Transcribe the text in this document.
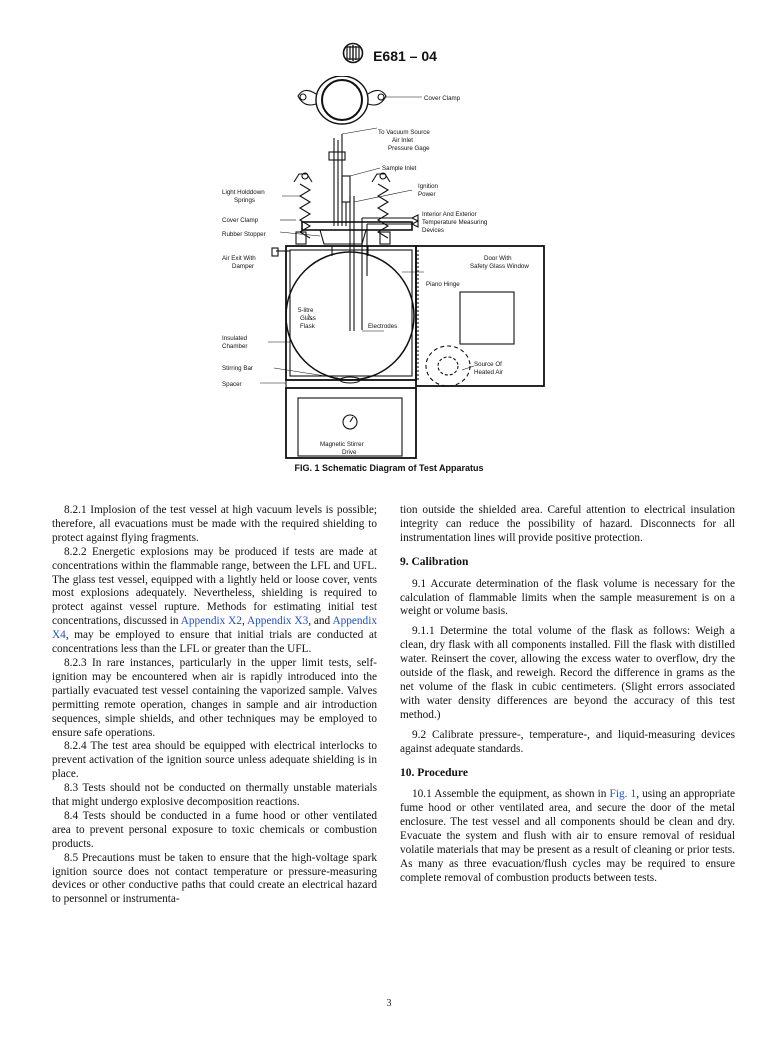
E681 – 04
Cover Clamp
To Vacuum Source
Air Inlet
Pressure Gage
Sample Inlet
Ignition
Power
Interior And Exterior
Temperature Measuring
Devices
Light Holddown
Springs
Cover Clamp
Rubber Stopper
Air Exit With
Damper
Door With
Safety Glass Window
Piano Hinge
5-litre
Glass
Flask	Electrodes
Insulated
Chamber
Source Of
Heated Air
Stirring Bar
Spacer
Magnetic Stirrer
Drive
FIG. 1 Schematic Diagram of Test Apparatus

8.2.1 Implosion of the test vessel at high vacuum levels is possible; therefore, all evacuations must be made with the required shielding to protect against flying fragments.

8.2.2 Energetic explosions may be produced if tests are made at concentrations within the flammable range, between the LFL and UFL. The glass test vessel, equipped with a lightly held or loose cover, vents most explosions adequately. Nevertheless, shielding is required to protect against vessel rupture. Methods for estimating initial test concentrations, discussed in Appendix X2, Appendix X3, and Appendix X4, may be employed to ensure that initial trials are conducted at concentrations less than the LFL or greater than the UFL.

8.2.3 In rare instances, particularly in the upper limit tests, self-ignition may be encountered when air is rapidly introduced into the partially evacuated test vessel containing the vaporized sample. Valves permitting remote operation, changes in sample and air introduction sequences, simple shields, and other techniques may be employed to ensure safe operations.

8.2.4 The test area should be equipped with electrical interlocks to prevent activation of the ignition source unless adequate shielding is in place.

8.3 Tests should not be conducted on thermally unstable materials that might undergo explosive decomposition reactions.

8.4 Tests should be conducted in a fume hood or other ventilated area to prevent personal exposure to toxic chemicals or combustion products.

8.5 Precautions must be taken to ensure that the high-voltage spark ignition source does not contact temperature or pressure-measuring devices or other conductive paths that could create an electrical hazard to personnel or instrumenta-

tion outside the shielded area. Careful attention to electrical insulation integrity can reduce the possibility of hazard. Disconnects for all instrumentation lines will provide positive protection.

9. Calibration

9.1 Accurate determination of the flask volume is necessary for the calculation of flammable limits when the sample measurement is on a weight or volume basis.

9.1.1 Determine the total volume of the flask as follows: Weigh a clean, dry flask with all components installed. Fill the flask with distilled water. Reinsert the cover, allowing the excess water to overflow, dry the outside of the flask, and reweigh. Record the difference in grams as the net volume of the flask in cubic centimeters. (Slight errors associated with water density differences are beyond the accuracy of this test method.)

9.2 Calibrate pressure-, temperature-, and liquid-measuring devices against adequate standards.

10. Procedure

10.1 Assemble the equipment, as shown in Fig. 1, using an appropriate fume hood or other ventilated area, and secure the door of the metal enclosure. The test vessel and all components should be clean and dry. Evacuate the system and flush with air to ensure removal of residual volatile materials that may be present as a result of cleaning or prior tests. As many as three evacuation/flush cycles may be required to ensure complete removal of combustion products between tests.

3
